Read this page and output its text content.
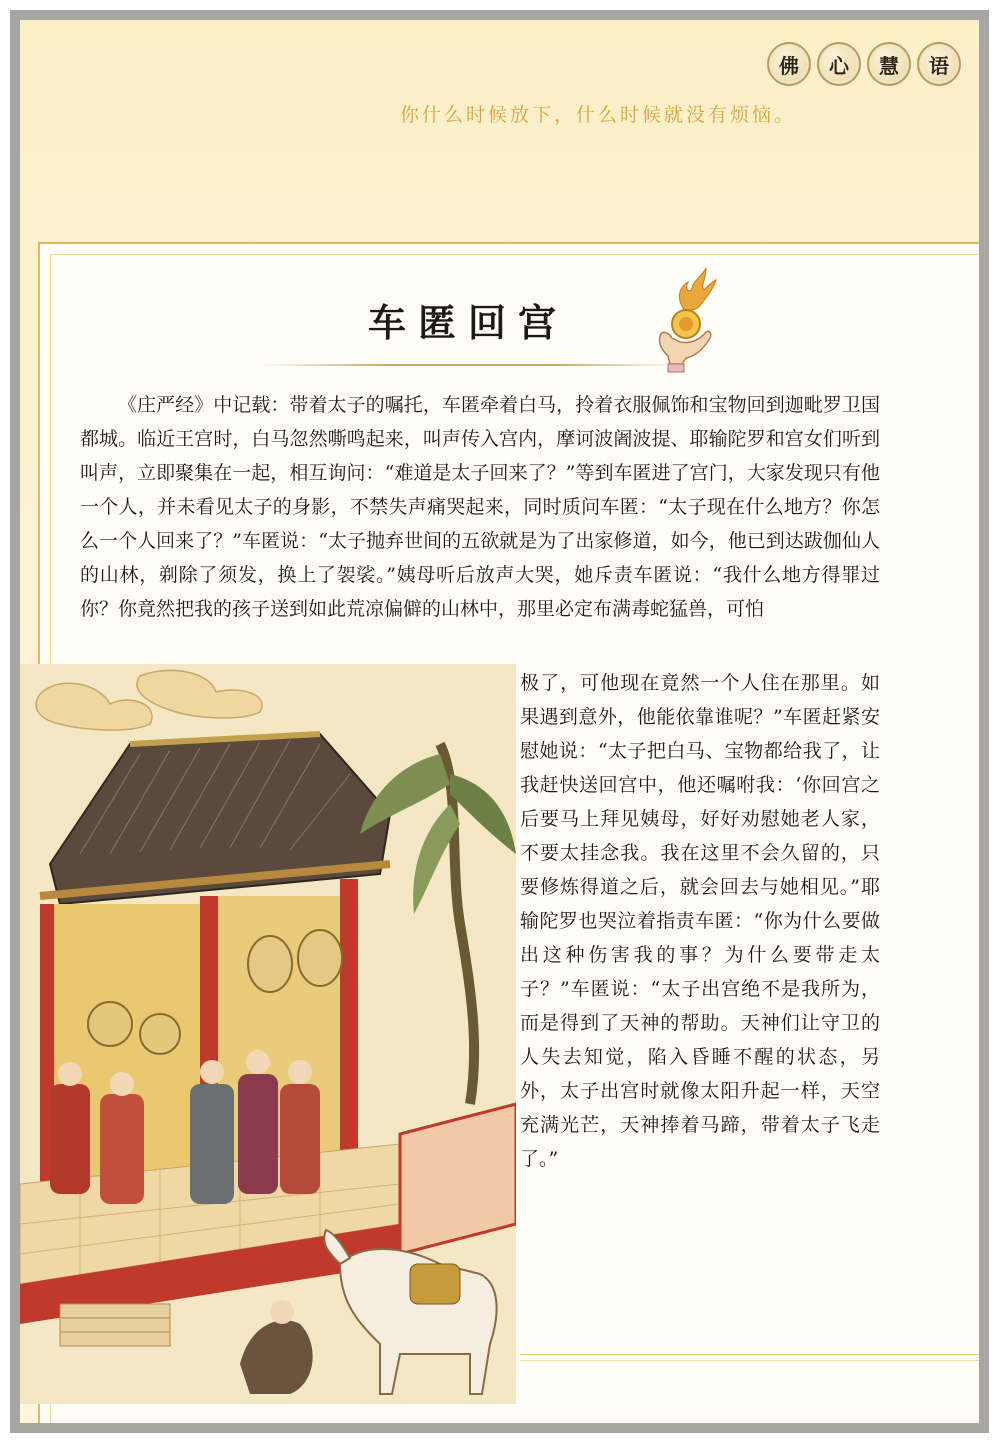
佛	心	慧	语
你什么时候放下，什么时候就没有烦恼。
车匿回宫

《庄严经》中记载：带着太子的嘱托，车匿牵着白马，拎着衣服佩饰和宝物回到迦毗罗卫国都城。临近王宫时，白马忽然嘶鸣起来，叫声传入宫内，摩诃波阇波提、耶输陀罗和宫女们听到叫声，立即聚集在一起，相互询问：“难道是太子回来了？”等到车匿进了宫门，大家发现只有他一个人，并未看见太子的身影，不禁失声痛哭起来，同时质问车匿：“太子现在什么地方？你怎么一个人回来了？”车匿说：“太子抛弃世间的五欲就是为了出家修道，如今，他已到达跋伽仙人的山林，剃除了须发，换上了袈裟。”姨母听后放声大哭，她斥责车匿说：“我什么地方得罪过你？你竟然把我的孩子送到如此荒凉偏僻的山林中，那里必定布满毒蛇猛兽，可怕

极了，可他现在竟然一个人住在那里。如果遇到意外，他能依靠谁呢？”车匿赶紧安慰她说：“太子把白马、宝物都给我了，让我赶快送回宫中，他还嘱咐我：‘你回宫之后要马上拜见姨母，好好劝慰她老人家，不要太挂念我。我在这里不会久留的，只要修炼得道之后，就会回去与她相见。”耶输陀罗也哭泣着指责车匿：“你为什么要做出这种伤害我的事？为什么要带走太子？”车匿说：“太子出宫绝不是我所为，而是得到了天神的帮助。天神们让守卫的人失去知觉，陷入昏睡不醒的状态，另外，太子出宫时就像太阳升起一样，天空充满光芒，天神捧着马蹄，带着太子飞走了。”
